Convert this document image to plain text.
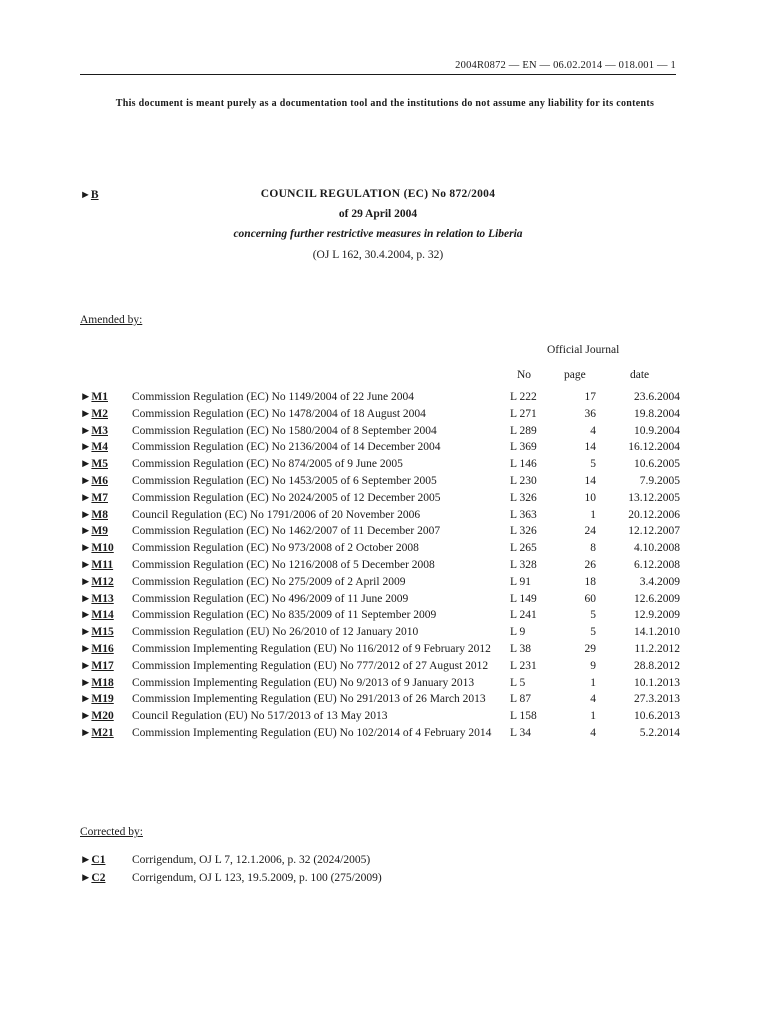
2004R0872 — EN — 06.02.2014 — 018.001 — 1
This document is meant purely as a documentation tool and the institutions do not assume any liability for its contents
►B	COUNCIL REGULATION (EC) No 872/2004
of 29 April 2004
concerning further restrictive measures in relation to Liberia
(OJ L 162, 30.4.2004, p. 32)
Amended by:
Official Journal
No	page	date
►M1	Commission Regulation (EC) No 1149/2004 of 22 June 2004	L 222	17	23.6.2004
►M2	Commission Regulation (EC) No 1478/2004 of 18 August 2004	L 271	36	19.8.2004
►M3	Commission Regulation (EC) No 1580/2004 of 8 September 2004	L 289	4	10.9.2004
►M4	Commission Regulation (EC) No 2136/2004 of 14 December 2004	L 369	14	16.12.2004
►M5	Commission Regulation (EC) No 874/2005 of 9 June 2005	L 146	5	10.6.2005
►M6	Commission Regulation (EC) No 1453/2005 of 6 September 2005	L 230	14	7.9.2005
►M7	Commission Regulation (EC) No 2024/2005 of 12 December 2005	L 326	10	13.12.2005
►M8	Council Regulation (EC) No 1791/2006 of 20 November 2006	L 363	1	20.12.2006
►M9	Commission Regulation (EC) No 1462/2007 of 11 December 2007	L 326	24	12.12.2007
►M10	Commission Regulation (EC) No 973/2008 of 2 October 2008	L 265	8	4.10.2008
►M11	Commission Regulation (EC) No 1216/2008 of 5 December 2008	L 328	26	6.12.2008
►M12	Commission Regulation (EC) No 275/2009 of 2 April 2009	L 91	18	3.4.2009
►M13	Commission Regulation (EC) No 496/2009 of 11 June 2009	L 149	60	12.6.2009
►M14	Commission Regulation (EC) No 835/2009 of 11 September 2009	L 241	5	12.9.2009
►M15	Commission Regulation (EU) No 26/2010 of 12 January 2010	L 9	5	14.1.2010
►M16	Commission Implementing Regulation (EU) No 116/2012 of 9 February 2012	L 38	29	11.2.2012
►M17	Commission Implementing Regulation (EU) No 777/2012 of 27 August 2012	L 231	9	28.8.2012
►M18	Commission Implementing Regulation (EU) No 9/2013 of 9 January 2013	L 5	1	10.1.2013
►M19	Commission Implementing Regulation (EU) No 291/2013 of 26 March 2013	L 87	4	27.3.2013
►M20	Council Regulation (EU) No 517/2013 of 13 May 2013	L 158	1	10.6.2013
►M21	Commission Implementing Regulation (EU) No 102/2014 of 4 February 2014	L 34	4	5.2.2014
Corrected by:
►C1	Corrigendum, OJ L 7, 12.1.2006, p. 32 (2024/2005)
►C2	Corrigendum, OJ L 123, 19.5.2009, p. 100 (275/2009)
